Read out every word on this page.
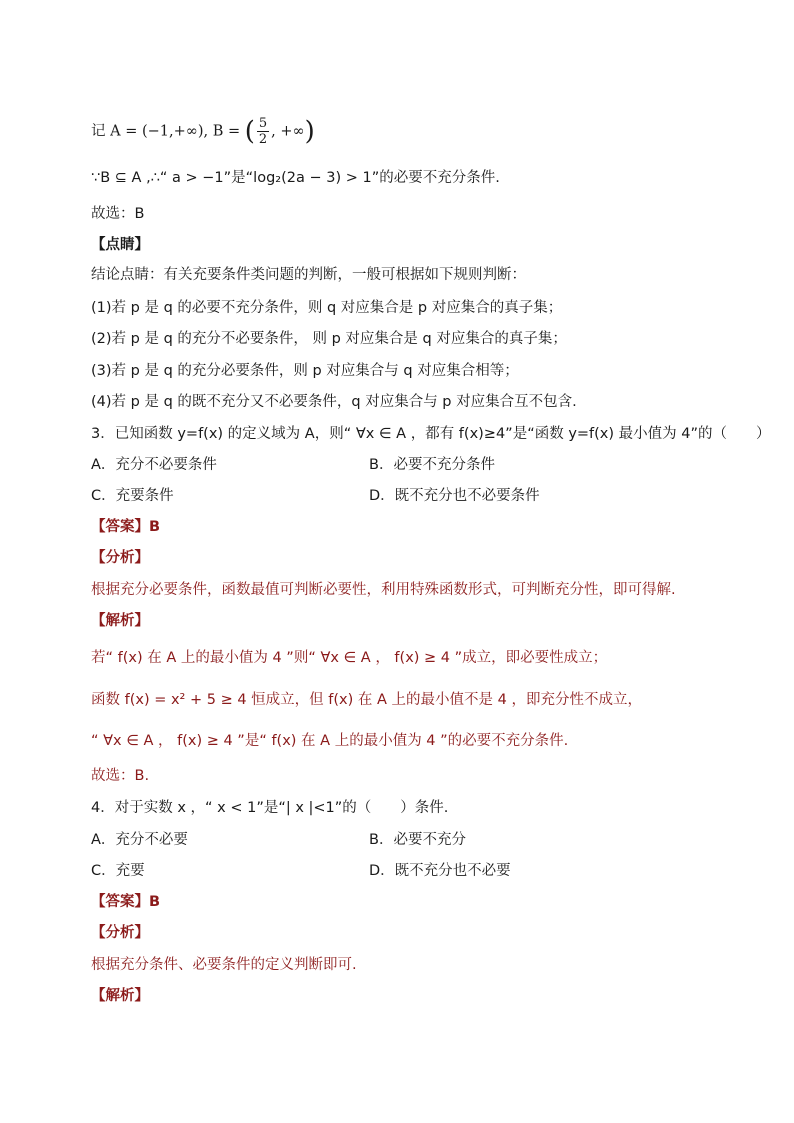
记 A = (−1,+∞), B = ( $\frac{5}{2}$ , +∞)
∵B ⊆ A ,∴“ a > −1”是“log₂(2a − 3) > 1”的必要不充分条件.
故选：B
【点睛】
结论点睛：有关充要条件类问题的判断，一般可根据如下规则判断：
(1)若 p 是 q 的必要不充分条件，则 q 对应集合是 p 对应集合的真子集；
(2)若 p 是 q 的充分不必要条件， 则 p 对应集合是 q 对应集合的真子集；
(3)若 p 是 q 的充分必要条件，则 p 对应集合与 q 对应集合相等；
(4)若 p 是 q 的既不充分又不必要条件，q 对应集合与 p 对应集合互不包含.
3．已知函数 y=f(x) 的定义域为 A，则“ ∀x ∈ A ，都有 f(x)≥4”是“函数 y=f(x) 最小值为 4”的（　　）
A．充分不必要条件	B．必要不充分条件
C．充要条件	D．既不充分也不必要条件
【答案】B
【分析】
根据充分必要条件，函数最值可判断必要性，利用特殊函数形式，可判断充分性，即可得解.
【解析】
若“ f(x) 在 A 上的最小值为 4 ”则“ ∀x ∈ A ， f(x) ≥ 4 ”成立，即必要性成立；
函数 f(x) = x² + 5 ≥ 4 恒成立，但 f(x) 在 A 上的最小值不是 4 ，即充分性不成立，
“ ∀x ∈ A ， f(x) ≥ 4 ”是“ f(x) 在 A 上的最小值为 4 ”的必要不充分条件.
故选：B.
4．对于实数 x ，“ x < 1”是“| x |<1”的（　　）条件.
A．充分不必要	B．必要不充分
C．充要	D．既不充分也不必要
【答案】B
【分析】
根据充分条件、必要条件的定义判断即可.
【解析】
